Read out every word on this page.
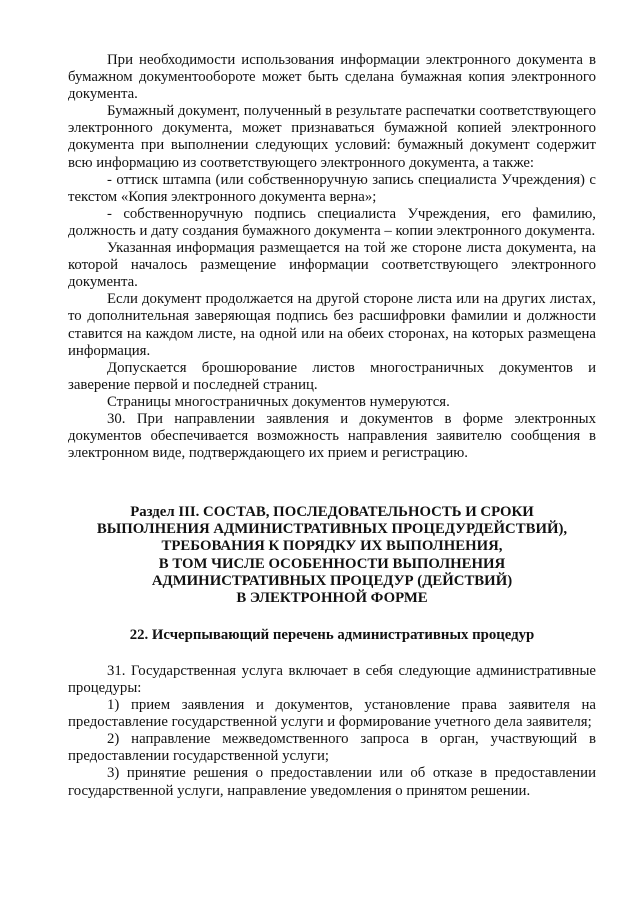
При необходимости использования информации электронного документа в бумажном документообороте может быть сделана бумажная копия электронного документа.

Бумажный документ, полученный в результате распечатки соответствующего электронного документа, может признаваться бумажной копией электронного документа при выполнении следующих условий: бумажный документ содержит всю информацию из соответствующего электронного документа, а также:

- оттиск штампа (или собственноручную запись специалиста Учреждения) с текстом «Копия электронного документа верна»;

- собственноручную подпись специалиста Учреждения, его фамилию, должность и дату создания бумажного документа – копии электронного документа.

Указанная информация размещается на той же стороне листа документа, на которой началось размещение информации соответствующего электронного документа.

Если документ продолжается на другой стороне листа или на других листах, то дополнительная заверяющая подпись без расшифровки фамилии и должности ставится на каждом листе, на одной или на обеих сторонах, на которых размещена информация.

Допускается брошюрование листов многостраничных документов и заверение первой и последней страниц.

Страницы многостраничных документов нумеруются.

30. При направлении заявления и документов в форме электронных документов обеспечивается возможность направления заявителю сообщения в электронном виде, подтверждающего их прием и регистрацию.

Раздел III. СОСТАВ, ПОСЛЕДОВАТЕЛЬНОСТЬ И СРОКИ
ВЫПОЛНЕНИЯ АДМИНИСТРАТИВНЫХ ПРОЦЕДУРДЕЙСТВИЙ),
ТРЕБОВАНИЯ К ПОРЯДКУ ИХ ВЫПОЛНЕНИЯ,
В ТОМ ЧИСЛЕ ОСОБЕННОСТИ ВЫПОЛНЕНИЯ
АДМИНИСТРАТИВНЫХ ПРОЦЕДУР (ДЕЙСТВИЙ)
В ЭЛЕКТРОННОЙ ФОРМЕ
22. Исчерпывающий перечень административных процедур

31. Государственная услуга включает в себя следующие административные процедуры:

1) прием заявления и документов, установление права заявителя на предоставление государственной услуги и формирование учетного дела заявителя;

2) направление межведомственного запроса в орган, участвующий в предоставлении государственной услуги;

3) принятие решения о предоставлении или об отказе в предоставлении государственной услуги, направление уведомления о принятом решении.
